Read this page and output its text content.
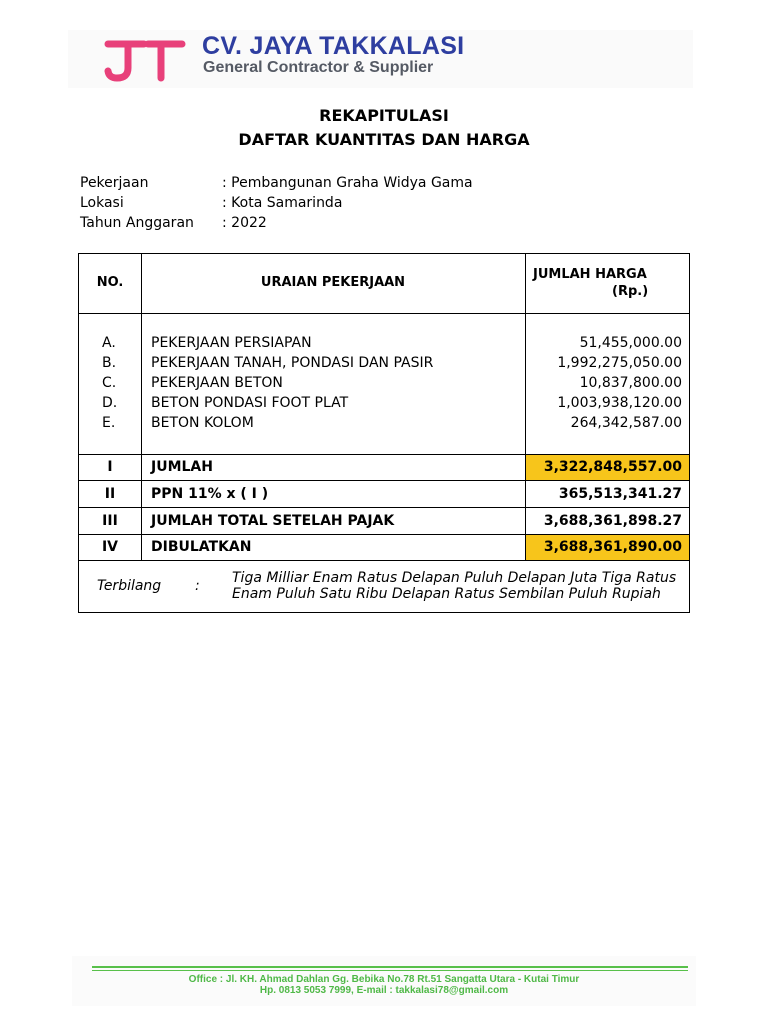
CV. JAYA TAKKALASI
General Contractor & Supplier
REKAPITULASI
DAFTAR KUANTITAS DAN HARGA
Pekerjaan	: Pembangunan Graha Widya Gama
Lokasi	: Kota Samarinda
Tahun Anggaran : 2022
NO.	URAIAN PEKERJAAN
JUMLAH HARGA
(Rp.)
A.	PEKERJAAN PERSIAPAN	51,455,000.00
B. PEKERJAAN TANAH, PONDASI DAN PASIR	1,992,275,050.00
C. PEKERJAAN BETON	10,837,800.00
D. BETON PONDASI FOOT PLAT	1,003,938,120.00
E.	BETON KOLOM	264,342,587.00
I	JUMLAH	3,322,848,557.00
II	PPN 11% x ( I )	365,513,341.27
III	JUMLAH TOTAL SETELAH PAJAK	3,688,361,898.27
IV	DIBULATKAN	3,688,361,890.00
Terbilang : Tiga Milliar Enam Ratus Delapan Puluh Delapan Juta Tiga Ratus
Enam Puluh Satu Ribu Delapan Ratus Sembilan Puluh Rupiah
Office : Jl. KH. Ahmad Dahlan Gg. Bebika No.78 Rt.51 Sangatta Utara - Kutai Timur
Hp. 0813 5053 7999, E-mail : takkalasi78@gmail.com
